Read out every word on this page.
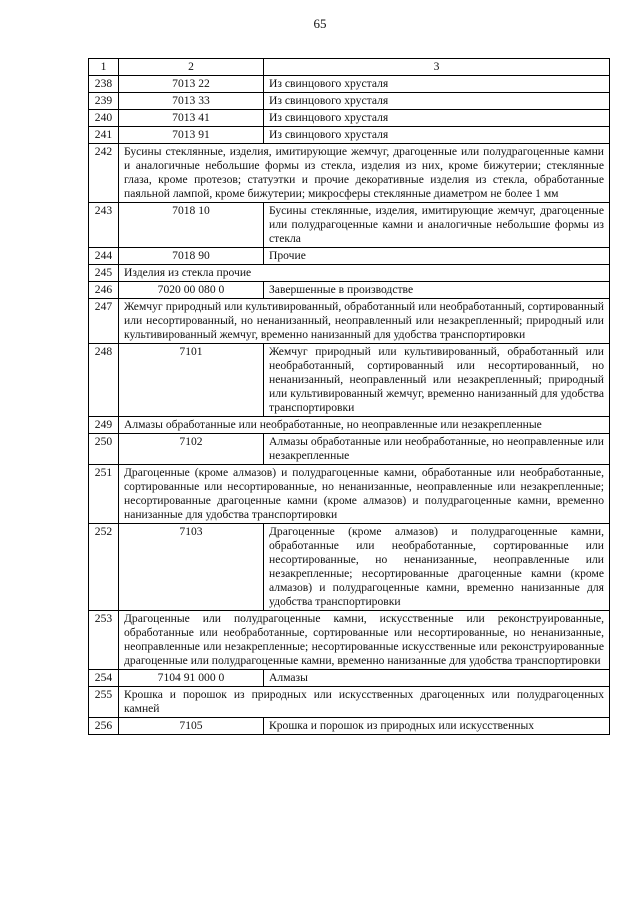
65
1	2	3
238	7013 22	Из свинцового хрусталя
239	7013 33	Из свинцового хрусталя
240	7013 41	Из свинцового хрусталя
241	7013 91	Из свинцового хрусталя
242	Бусины стеклянные, изделия, имитирующие жемчуг, драгоценные или полудрагоценные камни и аналогичные небольшие формы из стекла, изделия из них, кроме бижутерии; стеклянные глаза, кроме протезов; статуэтки и прочие декоративные изделия из стекла, обработанные паяльной лампой, кроме бижутерии; микросферы стеклянные диаметром не более 1 мм	
243	7018 10	Бусины стеклянные, изделия, имитирующие жемчуг, драгоценные или полудрагоценные камни и аналогичные небольшие формы из стекла
244	7018 90	Прочие
245	Изделия из стекла прочие	
246	7020 00 080 0	Завершенные в производстве
247	Жемчуг природный или культивированный, обработанный или необработанный, сортированный или несортированный, но ненанизанный, неоправленный или незакрепленный; природный или культивированный жемчуг, временно нанизанный для удобства транспортировки	
248	7101	Жемчуг природный или культивированный, обработанный или необработанный, сортированный или несортированный, но ненанизанный, неоправленный или незакрепленный; природный или культивированный жемчуг, временно нанизанный для удобства транспортировки
249	Алмазы обработанные или необработанные, но неоправленные или незакрепленные	
250	7102	Алмазы обработанные или необработанные, но неоправленные или незакрепленные
251	Драгоценные (кроме алмазов) и полудрагоценные камни, обработанные или необработанные, сортированные или несортированные, но ненанизанные, неоправленные или незакрепленные; несортированные драгоценные камни (кроме алмазов) и полудрагоценные камни, временно нанизанные для удобства транспортировки	
252	7103	Драгоценные (кроме алмазов) и полудрагоценные камни, обработанные или необработанные, сортированные или несортированные, но ненанизанные, неоправленные или незакрепленные; несортированные драгоценные камни (кроме алмазов) и полудрагоценные камни, временно нанизанные для удобства транспортировки
253	Драгоценные или полудрагоценные камни, искусственные или реконструированные, обработанные или необработанные, сортированные или несортированные, но ненанизанные, неоправленные или незакрепленные; несортированные искусственные или реконструированные драгоценные или полудрагоценные камни, временно нанизанные для удобства транспортировки	
254	7104 91 000 0	Алмазы
255	Крошка и порошок из природных или искусственных драгоценных или полудрагоценных камней	
256	7105	Крошка и порошок из природных или искусственных
